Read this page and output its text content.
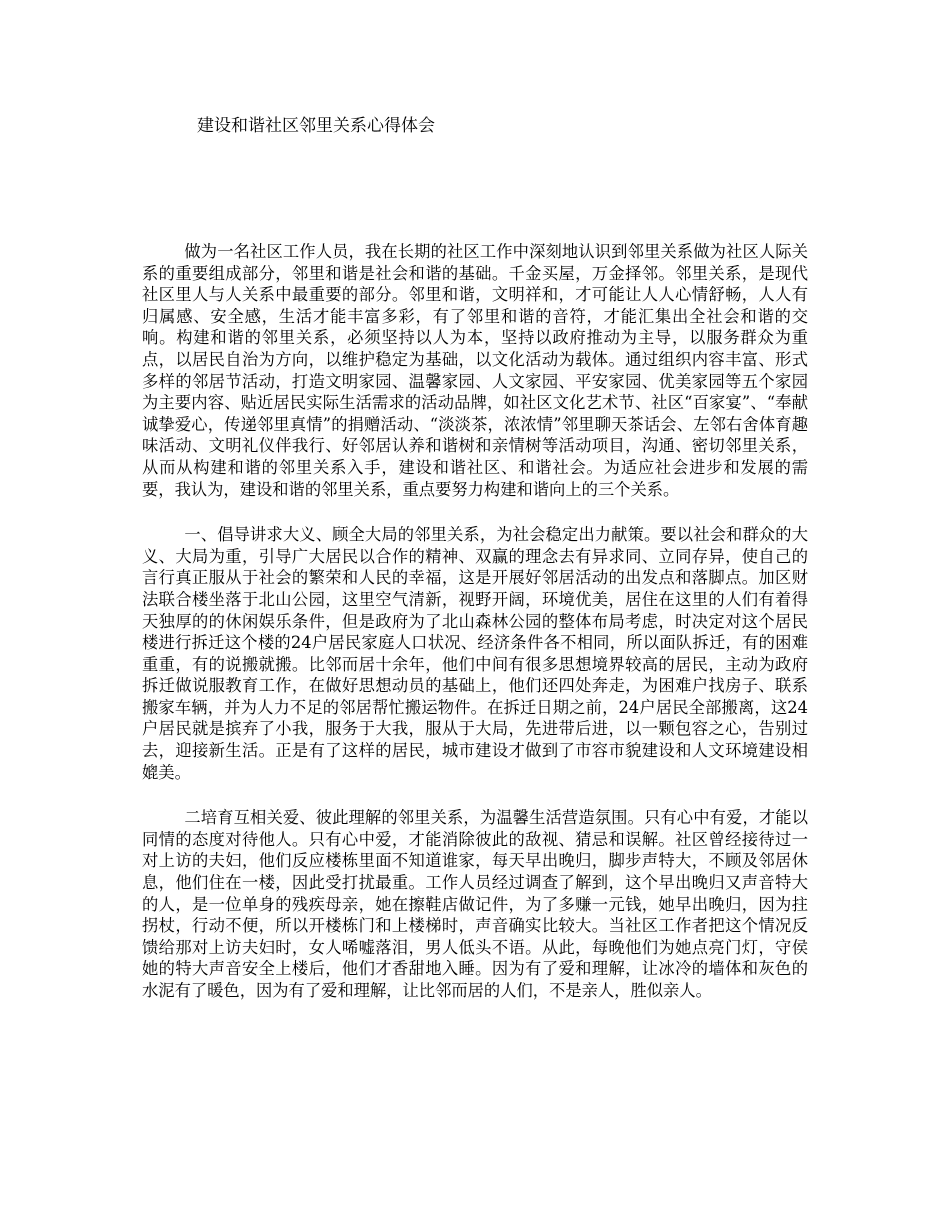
建设和谐社区邻里关系心得体会

做为一名社区工作人员，我在长期的社区工作中深刻地认识到邻里关系做为社区人际关系的重要组成部分，邻里和谐是社会和谐的基础。千金买屋，万金择邻。邻里关系，是现代社区里人与人关系中最重要的部分。邻里和谐，文明祥和，才可能让人人心情舒畅，人人有归属感、安全感，生活才能丰富多彩，有了邻里和谐的音符，才能汇集出全社会和谐的交响。构建和谐的邻里关系，必须坚持以人为本，坚持以政府推动为主导，以服务群众为重点，以居民自治为方向，以维护稳定为基础，以文化活动为载体。通过组织内容丰富、形式多样的邻居节活动，打造文明家园、温馨家园、人文家园、平安家园、优美家园等五个家园为主要内容、贴近居民实际生活需求的活动品牌，如社区文化艺术节、社区“百家宴”、“奉献诚挚爱心，传递邻里真情”的捐赠活动、“淡淡茶，浓浓情”邻里聊天茶话会、左邻右舍体育趣味活动、文明礼仪伴我行、好邻居认养和谐树和亲情树等活动项目，沟通、密切邻里关系，从而从构建和谐的邻里关系入手，建设和谐社区、和谐社会。为适应社会进步和发展的需要，我认为，建设和谐的邻里关系，重点要努力构建和谐向上的三个关系。

一、倡导讲求大义、顾全大局的邻里关系，为社会稳定出力献策。要以社会和群众的大义、大局为重，引导广大居民以合作的精神、双赢的理念去有异求同、立同存异，使自己的言行真正服从于社会的繁荣和人民的幸福，这是开展好邻居活动的出发点和落脚点。加区财法联合楼坐落于北山公园，这里空气清新，视野开阔，环境优美，居住在这里的人们有着得天独厚的的休闲娱乐条件，但是政府为了北山森林公园的整体布局考虑，时决定对这个居民楼进行拆迁这个楼的24户居民家庭人口状况、经济条件各不相同，所以面队拆迁，有的困难重重，有的说搬就搬。比邻而居十余年，他们中间有很多思想境界较高的居民，主动为政府拆迁做说服教育工作，在做好思想动员的基础上，他们还四处奔走，为困难户找房子、联系搬家车辆，并为人力不足的邻居帮忙搬运物件。在拆迁日期之前，24户居民全部搬离，这24户居民就是摈弃了小我，服务于大我，服从于大局，先进带后进，以一颗包容之心，告别过去，迎接新生活。正是有了这样的居民，城市建设才做到了市容市貌建设和人文环境建设相媲美。

二培育互相关爱、彼此理解的邻里关系，为温馨生活营造氛围。只有心中有爱，才能以同情的态度对待他人。只有心中爱，才能消除彼此的敌视、猜忌和误解。社区曾经接待过一对上访的夫妇，他们反应楼栋里面不知道谁家，每天早出晚归，脚步声特大，不顾及邻居休息，他们住在一楼，因此受打扰最重。工作人员经过调查了解到，这个早出晚归又声音特大的人，是一位单身的残疾母亲，她在擦鞋店做记件，为了多赚一元钱，她早出晚归，因为拄拐杖，行动不便，所以开楼栋门和上楼梯时，声音确实比较大。当社区工作者把这个情况反馈给那对上访夫妇时，女人唏嘘落泪，男人低头不语。从此，每晚他们为她点亮门灯，守侯她的特大声音安全上楼后，他们才香甜地入睡。因为有了爱和理解，让冰冷的墙体和灰色的水泥有了暖色，因为有了爱和理解，让比邻而居的人们，不是亲人，胜似亲人。
